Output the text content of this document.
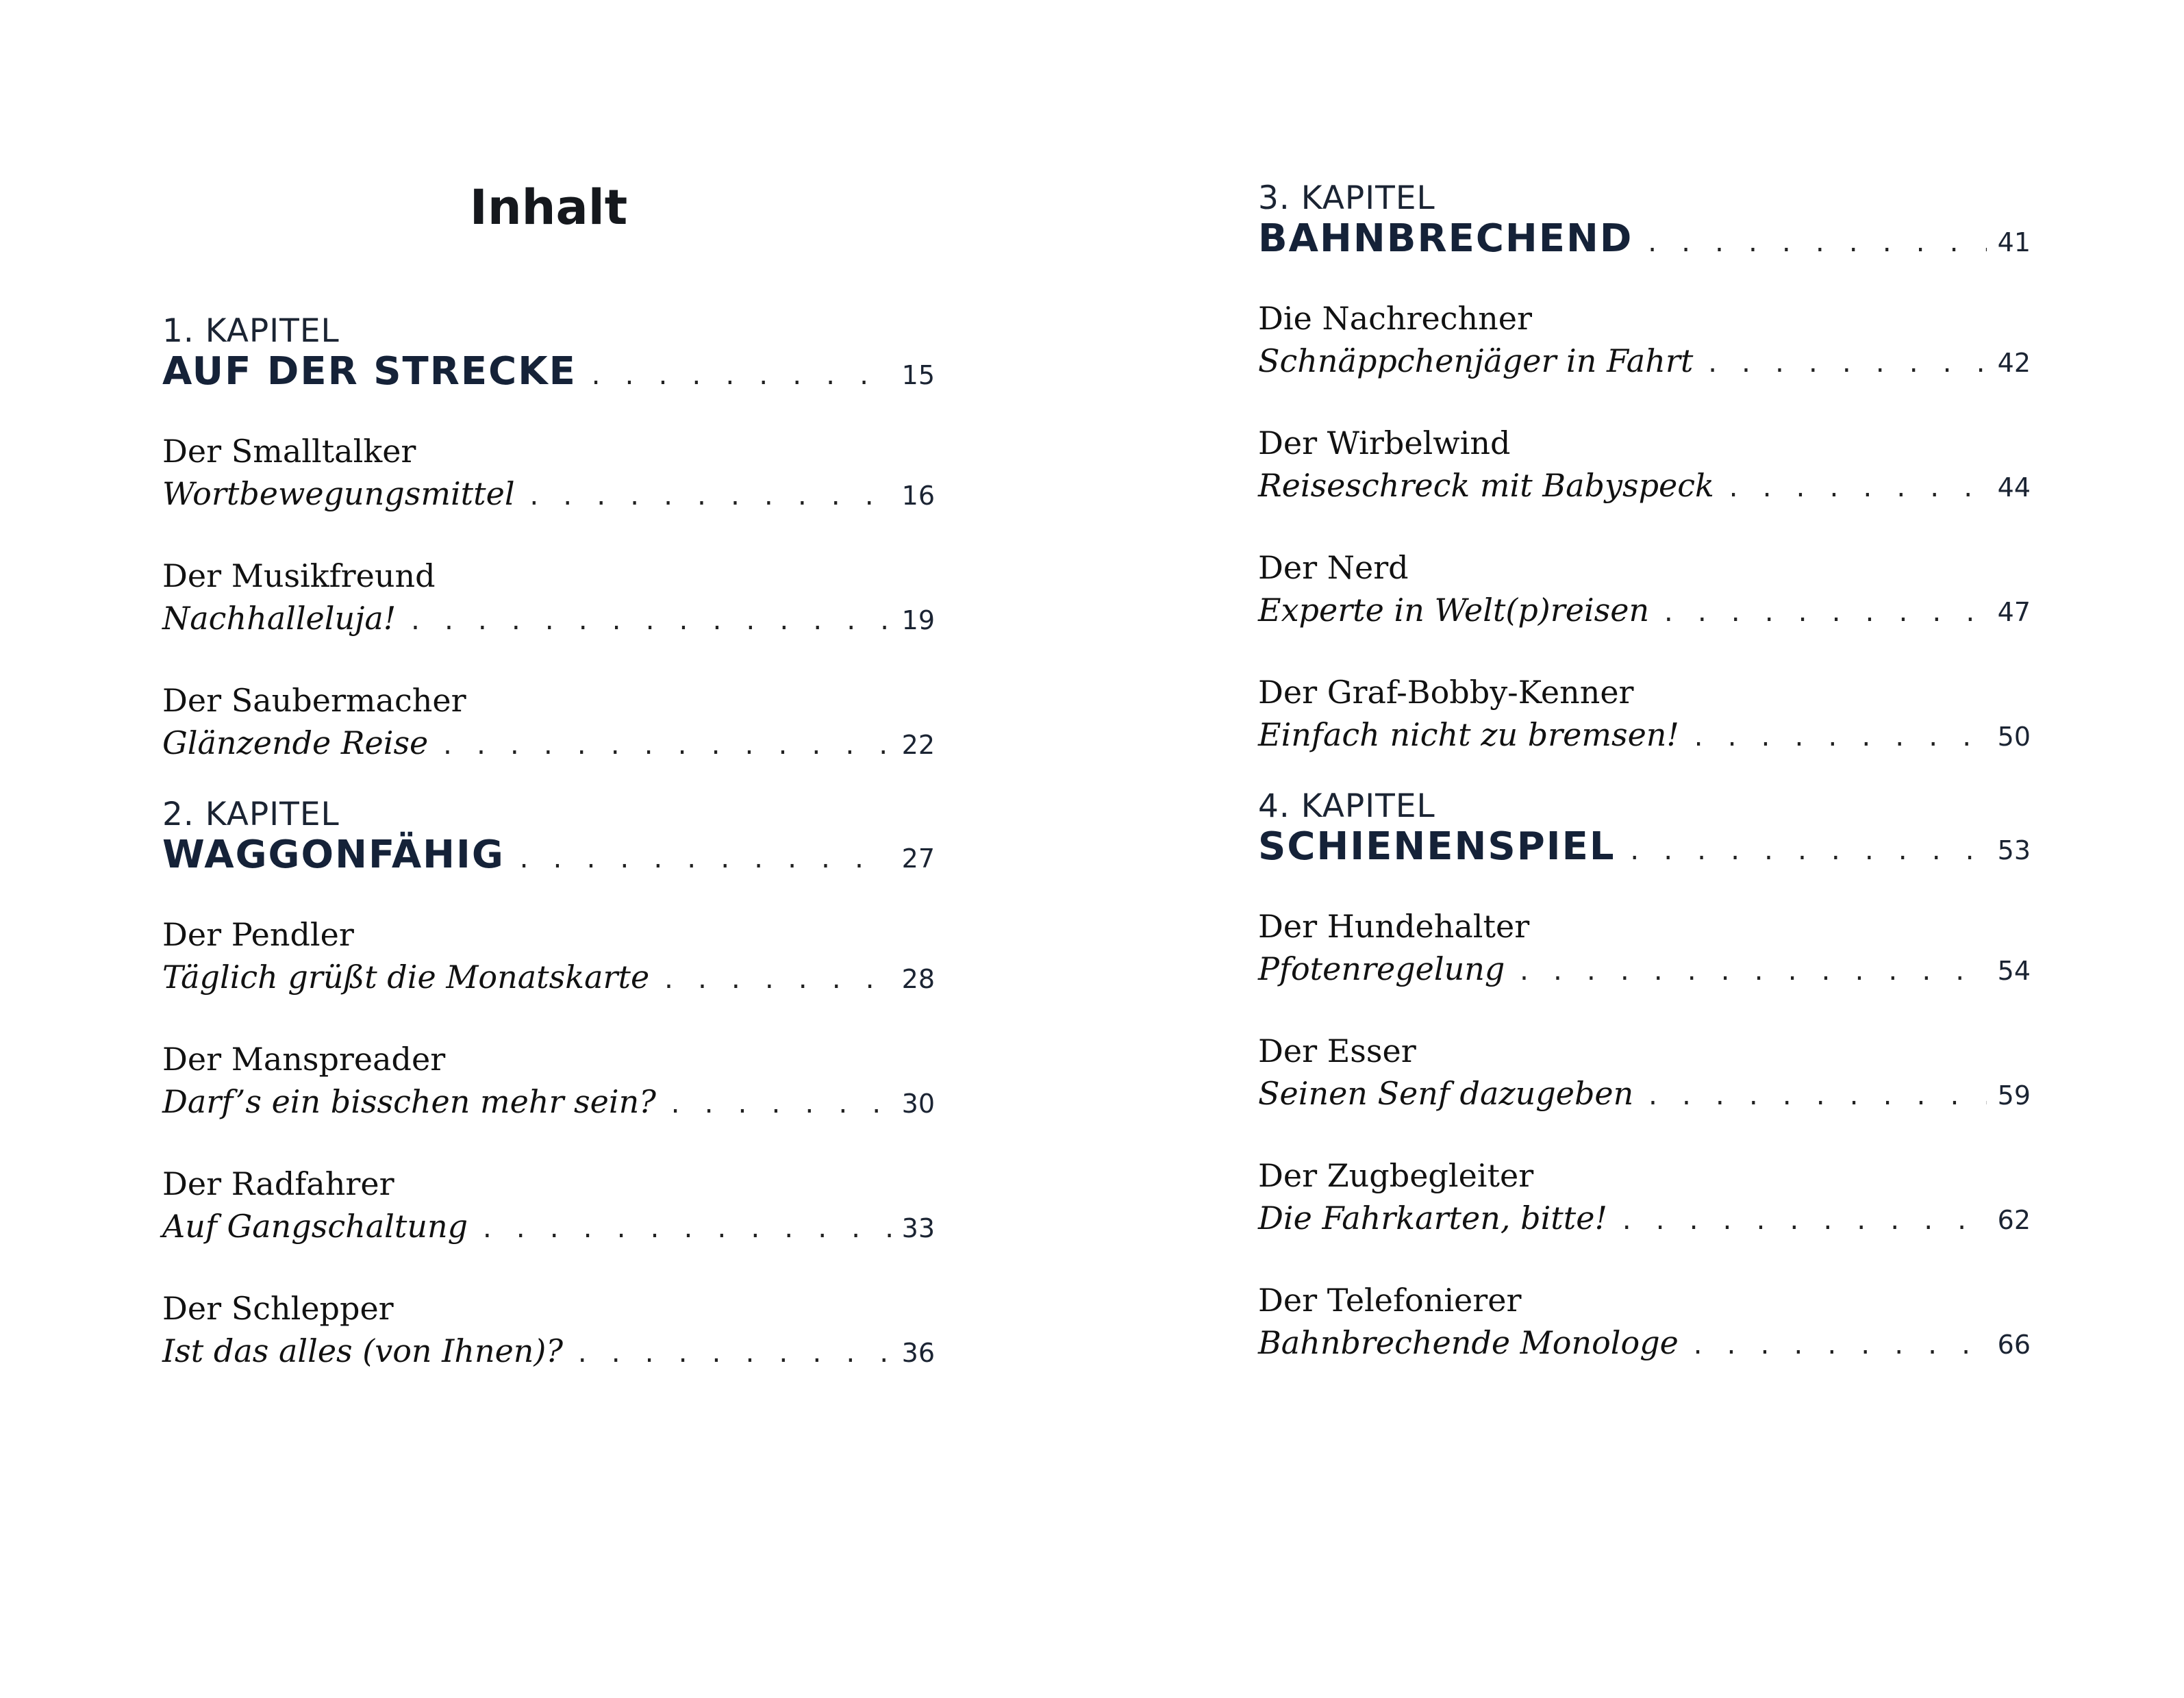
Inhalt
1. KAPITEL
AUF DER STRECKE . . .	15
Der Smalltalker
Wortbewegungsmittel . . .	16
Der Musikfreund
Nachhalleluja! . . .	19
Der Saubermacher
Glänzende Reise . . .	22
2. KAPITEL
WAGGONFÄHIG . . .	27
Der Pendler
Täglich grüßt die Monatskarte . . .	28
Der Manspreader
Darf’s ein bisschen mehr sein? . . .	30
Der Radfahrer
Auf Gangschaltung . . .	33
Der Schlepper
Ist das alles (von Ihnen)? . . .	36
3. KAPITEL
BAHNBRECHEND . . .	41
Die Nachrechner
Schnäppchenjäger in Fahrt . . .	42
Der Wirbelwind
Reiseschreck mit Babyspeck . . .	44
Der Nerd
Experte in Welt(p)reisen . . .	47
Der Graf-Bobby-Kenner
Einfach nicht zu bremsen! . . .	50
4. KAPITEL
SCHIENENSPIEL . . .	53
Der Hundehalter
Pfotenregelung . . .	54
Der Esser
Seinen Senf dazugeben . . .	59
Der Zugbegleiter
Die Fahrkarten, bitte! . . .	62
Der Telefonierer
Bahnbrechende Monologe . . .	66
